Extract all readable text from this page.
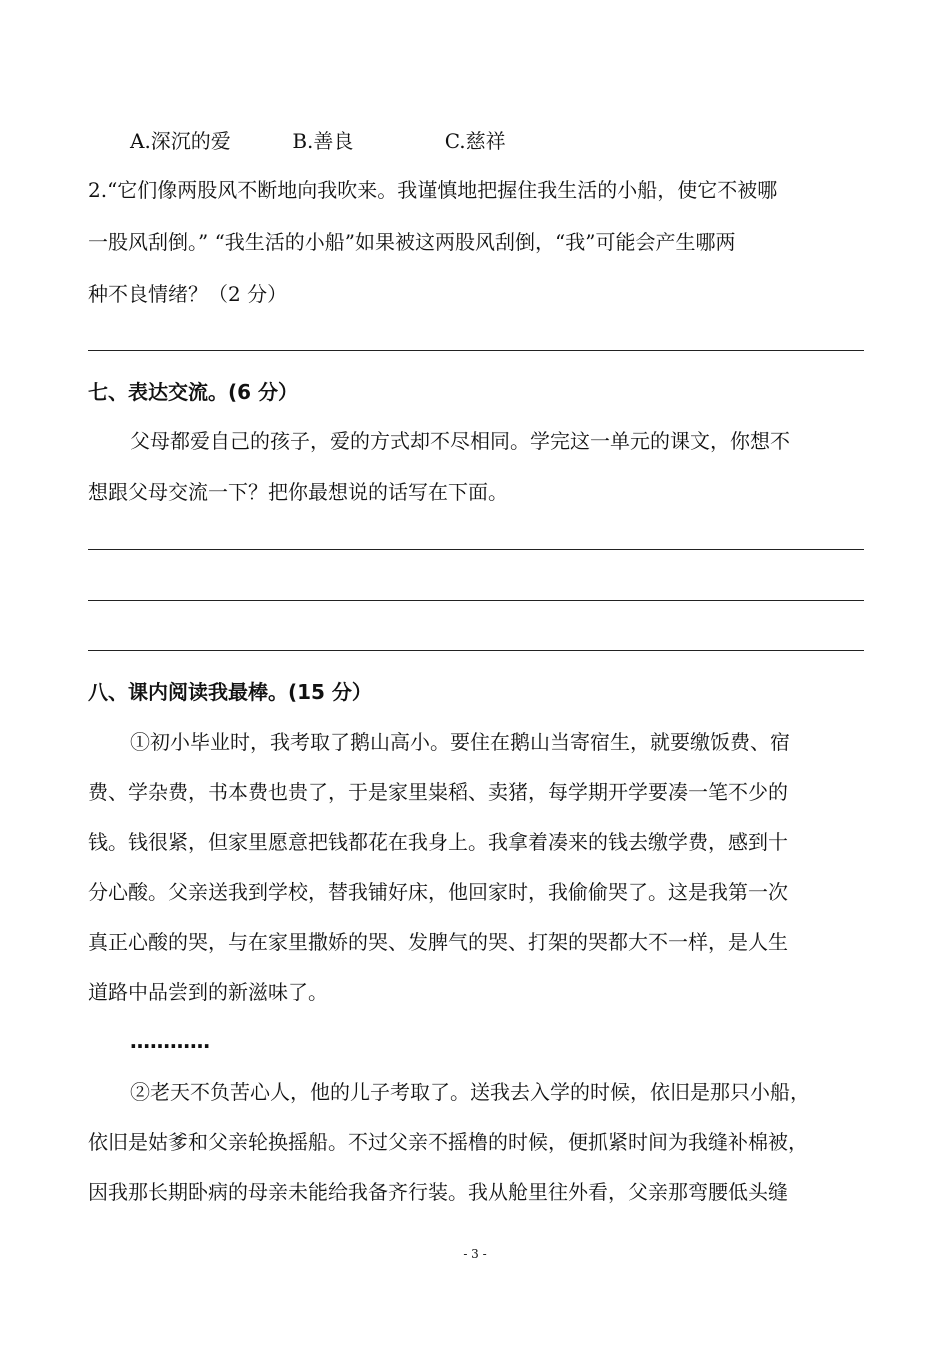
A.深沉的爱	B.善良	C.慈祥
2.“它们像两股风不断地向我吹来。我谨慎地把握住我生活的小船，使它不被哪
一股风刮倒。” “我生活的小船”如果被这两股风刮倒，“我”可能会产生哪两
种不良情绪？（2 分）
七、表达交流。(6 分）
父母都爱自己的孩子，爱的方式却不尽相同。学完这一单元的课文，你想不
想跟父母交流一下？把你最想说的话写在下面。
八、课内阅读我最棒。(15 分）
①初小毕业时，我考取了鹅山高小。要住在鹅山当寄宿生，就要缴饭费、宿
费、学杂费，书本费也贵了，于是家里粜稻、卖猪，每学期开学要凑一笔不少的
钱。钱很紧，但家里愿意把钱都花在我身上。我拿着凑来的钱去缴学费，感到十
分心酸。父亲送我到学校，替我铺好床，他回家时，我偷偷哭了。这是我第一次
真正心酸的哭，与在家里撒娇的哭、发脾气的哭、打架的哭都大不一样，是人生
道路中品尝到的新滋味了。
…………
②老天不负苦心人，他的儿子考取了。送我去入学的时候，依旧是那只小船，
依旧是姑爹和父亲轮换摇船。不过父亲不摇橹的时候，便抓紧时间为我缝补棉被，
因我那长期卧病的母亲未能给我备齐行装。我从舱里往外看，父亲那弯腰低头缝
- 3 -
